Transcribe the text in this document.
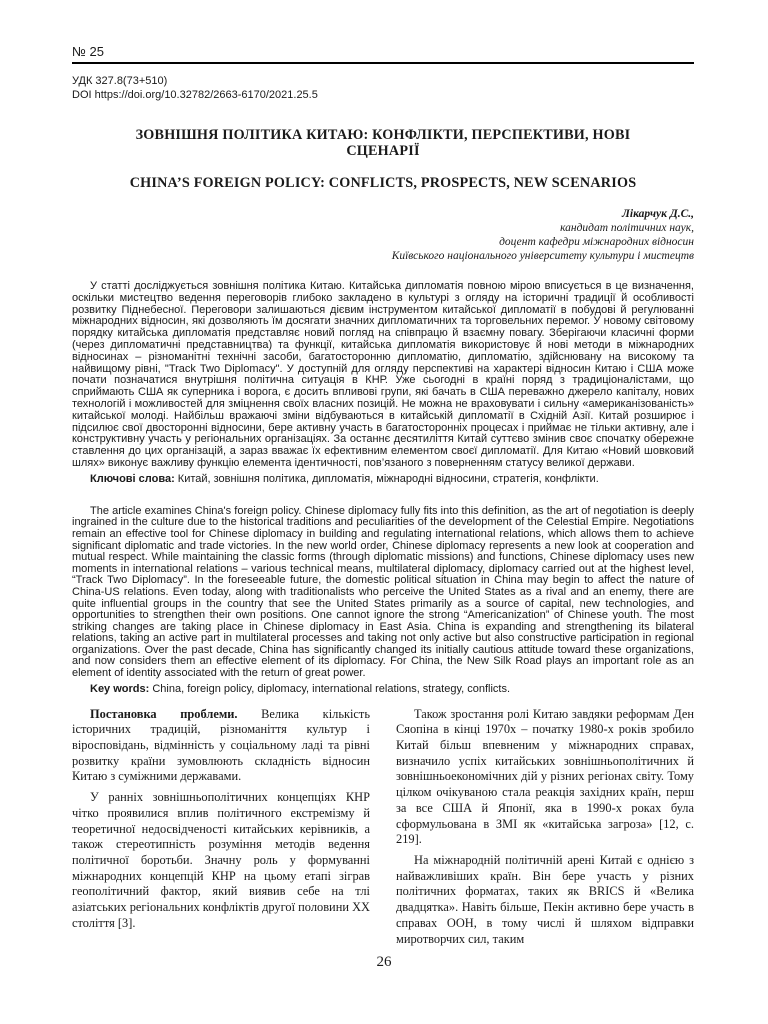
№ 25
УДК 327.8(73+510)
DOI https://doi.org/10.32782/2663-6170/2021.25.5
ЗОВНІШНЯ ПОЛІТИКА КИТАЮ: КОНФЛІКТИ, ПЕРСПЕКТИВИ, НОВІ СЦЕНАРІЇ
CHINA’S FOREIGN POLICY: CONFLICTS, PROSPECTS, NEW SCENARIOS
Лікарчук Д.С.,
кандидат політичних наук,
доцент кафедри міжнародних відносин
Київського національного університету культури і мистецтв

У статті досліджується зовнішня політика Китаю. Китайська дипломатія повною мірою вписується в це визначення, оскільки мистецтво ведення переговорів глибоко закладено в культурі з огляду на історичні традиції й особливості розвитку Піднебесної. Переговори залишаються дієвим інструментом китайської дипломатії в побудові й регулюванні міжнародних відносин, які дозволяють їм досягати значних дипломатичних та торговельних перемог. У новому світовому порядку китайська дипломатія представляє новий погляд на співпрацю й взаємну повагу. Зберігаючи класичні форми (через дипломатичні представництва) та функції, китайська дипломатія використовує й нові методи в міжнародних відносинах – різноманітні технічні засоби, багатосторонню дипломатію, дипломатію, здійснювану на високому та найвищому рівні, "Track Two Diplomacy". У доступній для огляду перспективі на характері відносин Китаю і США може почати позначатися внутрішня політична ситуація в КНР. Уже сьогодні в країні поряд з традиціоналістами, що сприймають США як суперника і ворога, є досить впливові групи, які бачать в США переважно джерело капіталу, нових технологій і можливостей для зміцнення своїх власних позицій. Не можна не враховувати і сильну «американізованість» китайської молоді. Найбільш вражаючі зміни відбуваються в китайській дипломатії в Східній Азії. Китай розширює і підсилює свої двосторонні відносини, бере активну участь в багатосторонніх процесах і приймає не тільки активну, але і конструктивну участь у регіональних організаціях. За останнє десятиліття Китай суттєво змінив своє спочатку обережне ставлення до цих організацій, а зараз вважає їх ефективним елементом своєї дипломатії. Для Китаю «Новий шовковий шлях» виконує важливу функцію елемента ідентичності, пов’язаного з поверненням статусу великої держави.

Ключові слова: Китай, зовнішня політика, дипломатія, міжнародні відносини, стратегія, конфлікти.

The article examines China's foreign policy. Chinese diplomacy fully fits into this definition, as the art of negotiation is deeply ingrained in the culture due to the historical traditions and peculiarities of the development of the Celestial Empire. Negotiations remain an effective tool for Chinese diplomacy in building and regulating international relations, which allows them to achieve significant diplomatic and trade victories. In the new world order, Chinese diplomacy represents a new look at cooperation and mutual respect. While maintaining the classic forms (through diplomatic missions) and functions, Chinese diplomacy uses new moments in international relations – various technical means, multilateral diplomacy, diplomacy carried out at the highest level, “Track Two Diplomacy”. In the foreseeable future, the domestic political situation in China may begin to affect the nature of China-US relations. Even today, along with traditionalists who perceive the United States as a rival and an enemy, there are quite influential groups in the country that see the United States primarily as a source of capital, new technologies, and opportunities to strengthen their own positions. One cannot ignore the strong “Americanization” of Chinese youth. The most striking changes are taking place in Chinese diplomacy in East Asia. China is expanding and strengthening its bilateral relations, taking an active part in multilateral processes and taking not only active but also constructive participation in regional organizations. Over the past decade, China has significantly changed its initially cautious attitude toward these organizations, and now considers them an effective element of its diplomacy. For China, the New Silk Road plays an important role as an element of identity associated with the return of great power.

Key words: China, foreign policy, diplomacy, international relations, strategy, conflicts.

Постановка проблеми. Велика кількість історичних традицій, різноманіття культур і віросповідань, відмінність у соціальному ладі та рівні розвитку країни зумовлюють складність відносин Китаю з суміжними державами.

У ранніх зовнішньополітичних концепціях КНР чітко проявилися вплив політичного екстремізму й теоретичної недосвідченості китайських керівників, а також стереотипність розуміння методів ведення політичної боротьби. Значну роль у формуванні міжнародних концепцій КНР на цьому етапі зіграв геополітичний фактор, який виявив себе на тлі азіатських регіональних конфліктів другої половини XX століття [3].

Також зростання ролі Китаю завдяки реформам Ден Сяопіна в кінці 1970х – початку 1980-х років зробило Китай більш впевненим у міжнародних справах, визначило успіх китайських зовнішньополітичних й зовнішньоекономічних дій у різних регіонах світу. Тому цілком очікуваною стала реакція західних країн, перш за все США й Японії, яка в 1990-х роках була сформульована в ЗМІ як «китайська загроза» [12, с. 219].

На міжнародній політичній арені Китай є однією з найважливіших країн. Він бере участь у різних політичних форматах, таких як BRICS й «Велика двадцятка». Навіть більше, Пекін активно бере участь в справах ООН, в тому числі й шляхом відправки миротворчих сил, таким

26
